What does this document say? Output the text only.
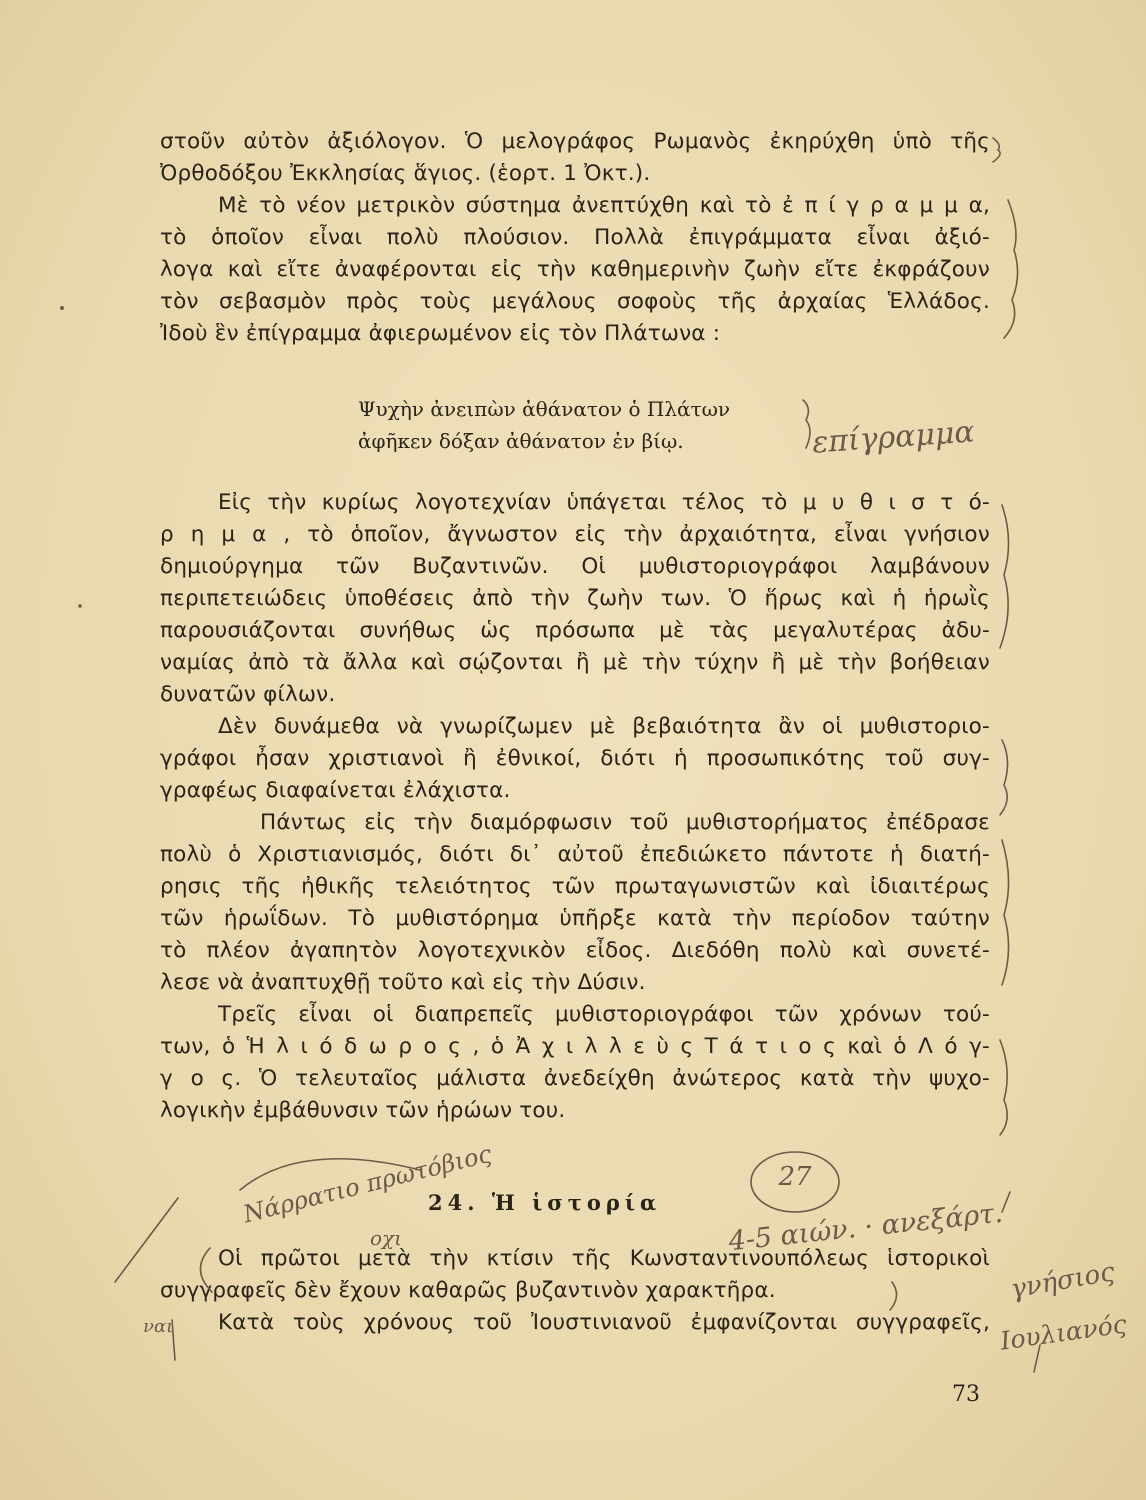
στοῦν αὐτὸν ἀξιόλογον. Ὁ μελογράφος Ρωμανὸς ἐκηρύχθη ὑπὸ τῆς
Ὀρθοδόξου Ἐκκλησίας ἅγιος. (ἑορτ. 1 Ὀκτ.).
Μὲ τὸ νέον μετρικὸν σύστημα ἀνεπτύχθη καὶ τὸ ἐ π ί γ ρ α μ μ α,
τὸ ὁποῖον εἶναι πολὺ πλούσιον. Πολλὰ ἐπιγράμματα εἶναι ἀξιό-
λογα καὶ εἴτε ἀναφέρονται εἰς τὴν καθημερινὴν ζωὴν εἴτε ἐκφράζουν
τὸν σεβασμὸν πρὸς τοὺς μεγάλους σοφοὺς τῆς ἀρχαίας Ἑλλάδος.
Ἰδοὺ ἓν ἐπίγραμμα ἀφιερωμένον εἰς τὸν Πλάτωνα :
Ψυχὴν ἀνειπὼν ἀθάνατον ὁ Πλάτων
ἀφῆκεν δόξαν ἀθάνατον ἐν βίῳ.
Εἰς τὴν κυρίως λογοτεχνίαν ὑπάγεται τέλος τὸ μ υ θ ι σ τ ό-
ρ η μ α , τὸ ὁποῖον, ἄγνωστον εἰς τὴν ἀρχαιότητα, εἶναι γνήσιον
δημιούργημα τῶν Βυζαντινῶν. Οἱ μυθιστοριογράφοι λαμβάνουν
περιπετειώδεις ὑποθέσεις ἀπὸ τὴν ζωὴν των. Ὁ ἥρως καὶ ἡ ἡρωῒς
παρουσιάζονται συνήθως ὡς πρόσωπα μὲ τὰς μεγαλυτέρας ἀδυ-
ναμίας ἀπὸ τὰ ἄλλα καὶ σῴζονται ἢ μὲ τὴν τύχην ἢ μὲ τὴν βοήθειαν
δυνατῶν φίλων.
Δὲν δυνάμεθα νὰ γνωρίζωμεν μὲ βεβαιότητα ἂν οἱ μυθιστοριο-
γράφοι ἦσαν χριστιανοὶ ἢ ἐθνικοί, διότι ἡ προσωπικότης τοῦ συγ-
γραφέως διαφαίνεται ἐλάχιστα.
Πάντως εἰς τὴν διαμόρφωσιν τοῦ μυθιστορήματος ἐπέδρασε
πολὺ ὁ Χριστιανισμός, διότι δι᾿ αὐτοῦ ἐπεδιώκετο πάντοτε ἡ διατή-
ρησις τῆς ἠθικῆς τελειότητος τῶν πρωταγωνιστῶν καὶ ἰδιαιτέρως
τῶν ἡρωΐδων. Τὸ μυθιστόρημα ὑπῆρξε κατὰ τὴν περίοδον ταύτην
τὸ πλέον ἀγαπητὸν λογοτεχνικὸν εἶδος. Διεδόθη πολὺ καὶ συνετέ-
λεσε νὰ ἀναπτυχθῇ τοῦτο καὶ εἰς τὴν Δύσιν.
Τρεῖς εἶναι οἱ διαπρεπεῖς μυθιστοριογράφοι τῶν χρόνων τού-
των, ὁ Ἡ λ ι ό δ ω ρ ο ς , ὁ Ἀ χ ι λ λ ε ὺ ς Τ ά τ ι ο ς καὶ ὁ Λ ό γ-
γ ο ς. Ὁ τελευταῖος μάλιστα ἀνεδείχθη ἀνώτερος κατὰ τὴν ψυχο-
λογικὴν ἐμβάθυνσιν τῶν ἡρώων του.
24. Ἡ ἱστορία
Οἱ πρῶτοι μετὰ τὴν κτίσιν τῆς Κωνσταντινουπόλεως ἱστορικοὶ
συγγραφεῖς δὲν ἔχουν καθαρῶς βυζαντινὸν χαρακτῆρα.
Κατὰ τοὺς χρόνους τοῦ Ἰουστινιανοῦ ἐμφανίζονται συγγραφεῖς,
73
επίγραμμα
27
Νάρρατιο πρωτόβιος
οχι	4-5 αιών. · ανεξάρτ.
γνήσιος
Ιουλιανός
ναι
